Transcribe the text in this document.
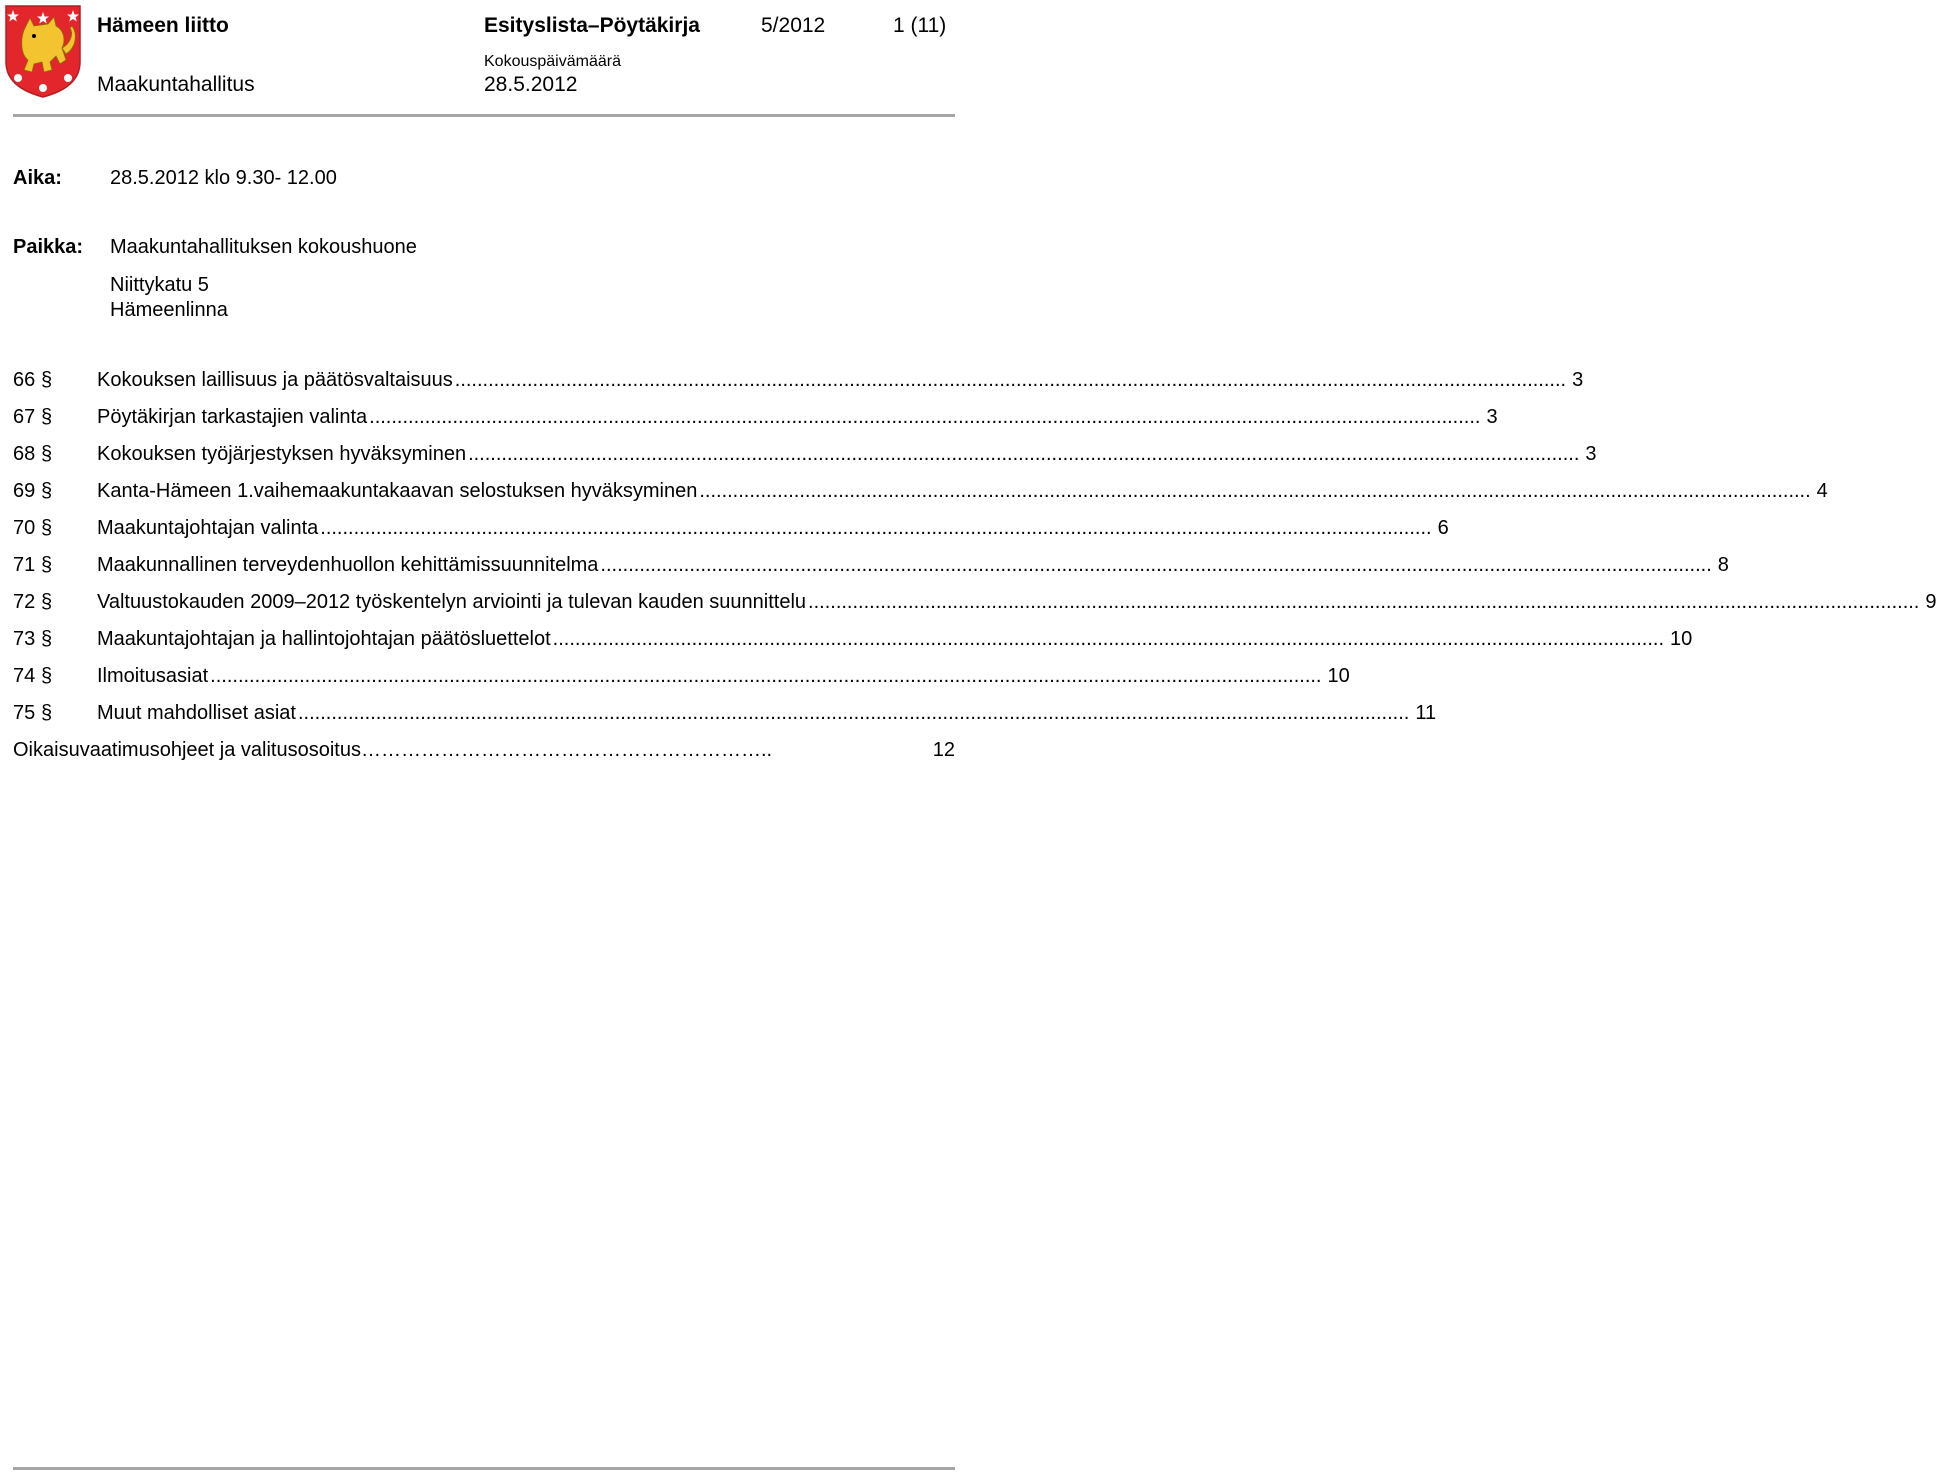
Hämeen liitto
Maakuntahallitus
Esityslista–Pöytäkirja	5/2012	1 (11)
Kokouspäivämäärä
28.5.2012
Aika: 28.5.2012 klo 9.30- 12.00
Paikka: Maakuntahallituksen kokoushuone
Niittykatu 5
Hämeenlinna
66 §	Kokouksen laillisuus ja päätösvaltaisuus ........................................................................................................................................................................................................ 3
67 §	Pöytäkirjan tarkastajien valinta ........................................................................................................................................................................................................ 3
68 §	Kokouksen työjärjestyksen hyväksyminen ........................................................................................................................................................................................................ 3
69 §	Kanta-Hämeen 1.vaihemaakuntakaavan selostuksen hyväksyminen ........................................................................................................................................................................................................ 4
70 §	Maakuntajohtajan valinta ........................................................................................................................................................................................................ 6
71 §	Maakunnallinen terveydenhuollon kehittämissuunnitelma ........................................................................................................................................................................................................ 8
72 §	Valtuustokauden 2009–2012 työskentelyn arviointi ja tulevan kauden suunnittelu ........................................................................................................................................................................................................ 9
73 §	Maakuntajohtajan ja hallintojohtajan päätösluettelot ........................................................................................................................................................................................................ 10
74 §	Ilmoitusasiat ........................................................................................................................................................................................................ 10
75 §	Muut mahdolliset asiat ........................................................................................................................................................................................................ 11
Oikaisuvaatimusohjeet ja valitusosoitus ……………………………………………………..	12
